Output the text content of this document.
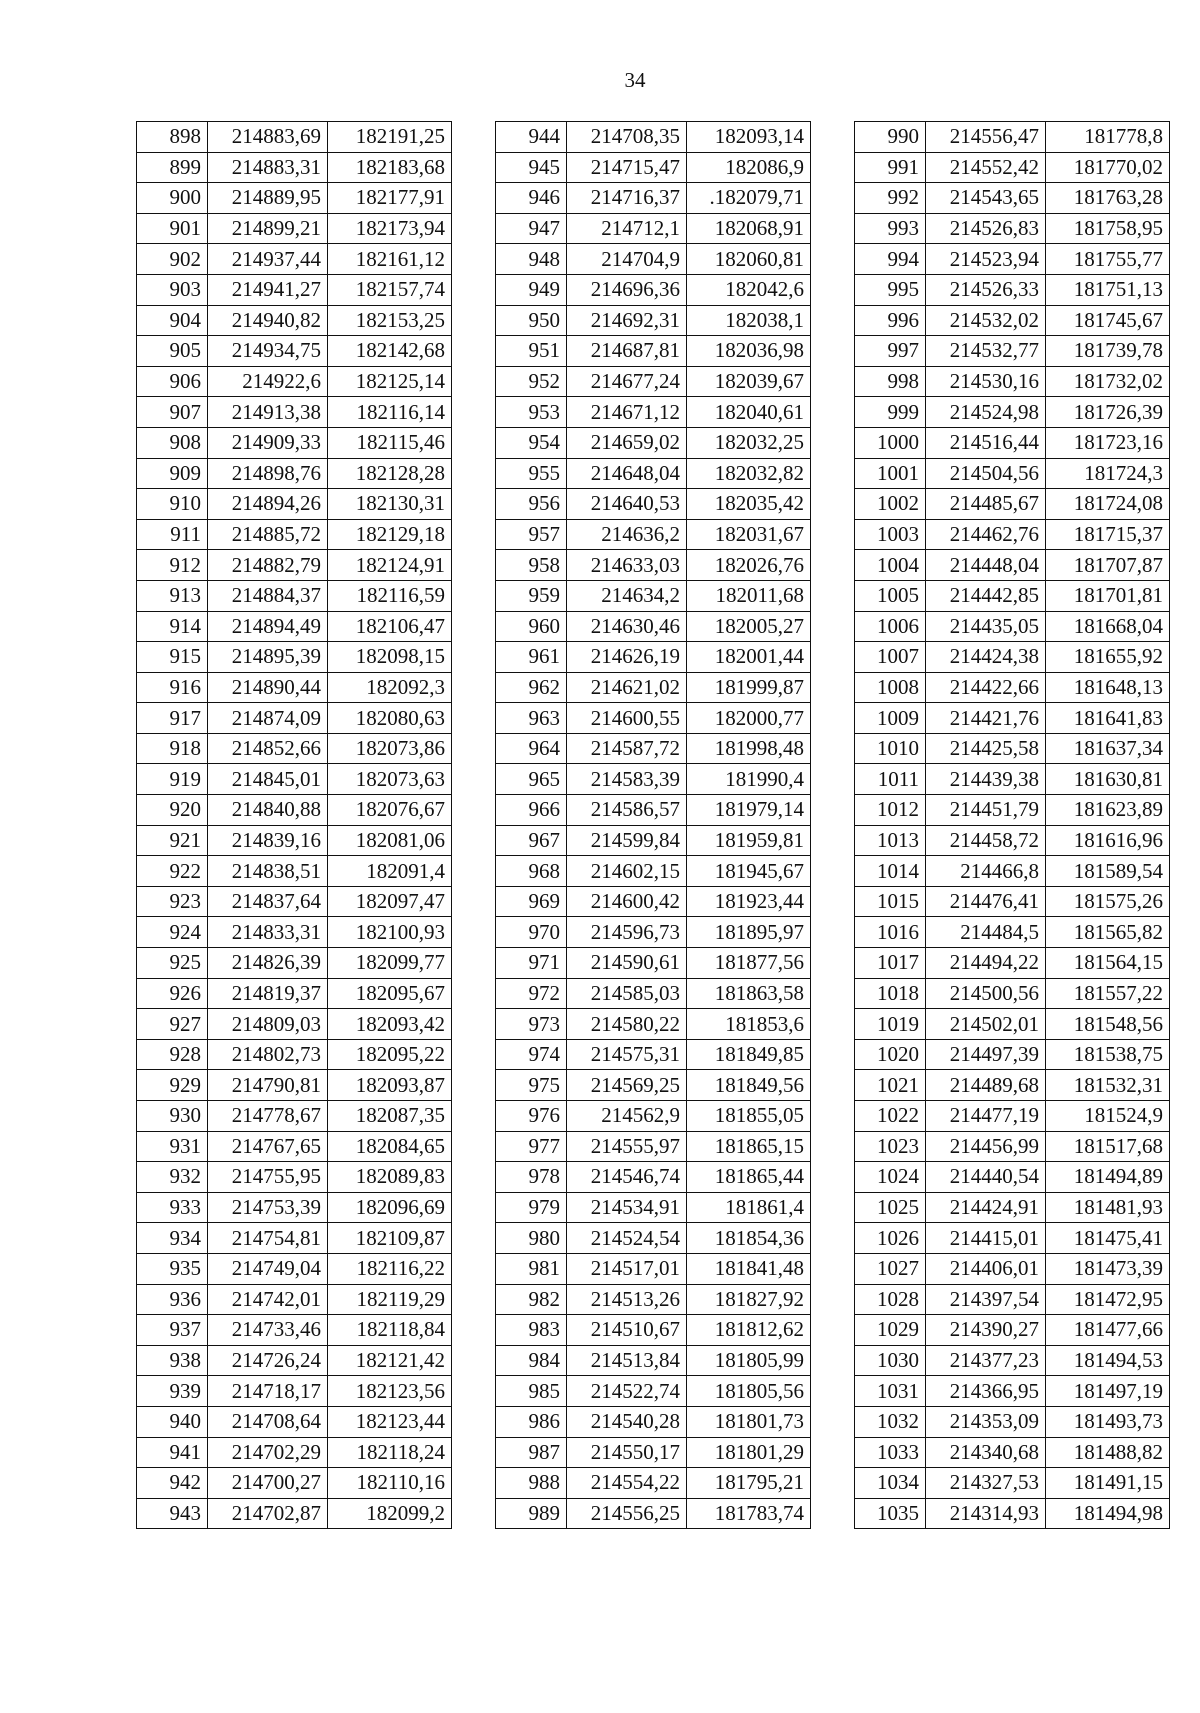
34
898	214883,69	182191,25
899	214883,31	182183,68
900	214889,95	182177,91
901	214899,21	182173,94
902	214937,44	182161,12
903	214941,27	182157,74
904	214940,82	182153,25
905	214934,75	182142,68
906	214922,6	182125,14
907	214913,38	182116,14
908	214909,33	182115,46
909	214898,76	182128,28
910	214894,26	182130,31
911	214885,72	182129,18
912	214882,79	182124,91
913	214884,37	182116,59
914	214894,49	182106,47
915	214895,39	182098,15
916	214890,44	182092,3
917	214874,09	182080,63
918	214852,66	182073,86
919	214845,01	182073,63
920	214840,88	182076,67
921	214839,16	182081,06
922	214838,51	182091,4
923	214837,64	182097,47
924	214833,31	182100,93
925	214826,39	182099,77
926	214819,37	182095,67
927	214809,03	182093,42
928	214802,73	182095,22
929	214790,81	182093,87
930	214778,67	182087,35
931	214767,65	182084,65
932	214755,95	182089,83
933	214753,39	182096,69
934	214754,81	182109,87
935	214749,04	182116,22
936	214742,01	182119,29
937	214733,46	182118,84
938	214726,24	182121,42
939	214718,17	182123,56
940	214708,64	182123,44
941	214702,29	182118,24
942	214700,27	182110,16
943	214702,87	182099,2
944	214708,35	182093,14
945	214715,47	182086,9
946	214716,37	.182079,71
947	214712,1	182068,91
948	214704,9	182060,81
949	214696,36	182042,6
950	214692,31	182038,1
951	214687,81	182036,98
952	214677,24	182039,67
953	214671,12	182040,61
954	214659,02	182032,25
955	214648,04	182032,82
956	214640,53	182035,42
957	214636,2	182031,67
958	214633,03	182026,76
959	214634,2	182011,68
960	214630,46	182005,27
961	214626,19	182001,44
962	214621,02	181999,87
963	214600,55	182000,77
964	214587,72	181998,48
965	214583,39	181990,4
966	214586,57	181979,14
967	214599,84	181959,81
968	214602,15	181945,67
969	214600,42	181923,44
970	214596,73	181895,97
971	214590,61	181877,56
972	214585,03	181863,58
973	214580,22	181853,6
974	214575,31	181849,85
975	214569,25	181849,56
976	214562,9	181855,05
977	214555,97	181865,15
978	214546,74	181865,44
979	214534,91	181861,4
980	214524,54	181854,36
981	214517,01	181841,48
982	214513,26	181827,92
983	214510,67	181812,62
984	214513,84	181805,99
985	214522,74	181805,56
986	214540,28	181801,73
987	214550,17	181801,29
988	214554,22	181795,21
989	214556,25	181783,74
990	214556,47	181778,8
991	214552,42	181770,02
992	214543,65	181763,28
993	214526,83	181758,95
994	214523,94	181755,77
995	214526,33	181751,13
996	214532,02	181745,67
997	214532,77	181739,78
998	214530,16	181732,02
999	214524,98	181726,39
1000	214516,44	181723,16
1001	214504,56	181724,3
1002	214485,67	181724,08
1003	214462,76	181715,37
1004	214448,04	181707,87
1005	214442,85	181701,81
1006	214435,05	181668,04
1007	214424,38	181655,92
1008	214422,66	181648,13
1009	214421,76	181641,83
1010	214425,58	181637,34
1011	214439,38	181630,81
1012	214451,79	181623,89
1013	214458,72	181616,96
1014	214466,8	181589,54
1015	214476,41	181575,26
1016	214484,5	181565,82
1017	214494,22	181564,15
1018	214500,56	181557,22
1019	214502,01	181548,56
1020	214497,39	181538,75
1021	214489,68	181532,31
1022	214477,19	181524,9
1023	214456,99	181517,68
1024	214440,54	181494,89
1025	214424,91	181481,93
1026	214415,01	181475,41
1027	214406,01	181473,39
1028	214397,54	181472,95
1029	214390,27	181477,66
1030	214377,23	181494,53
1031	214366,95	181497,19
1032	214353,09	181493,73
1033	214340,68	181488,82
1034	214327,53	181491,15
1035	214314,93	181494,98
